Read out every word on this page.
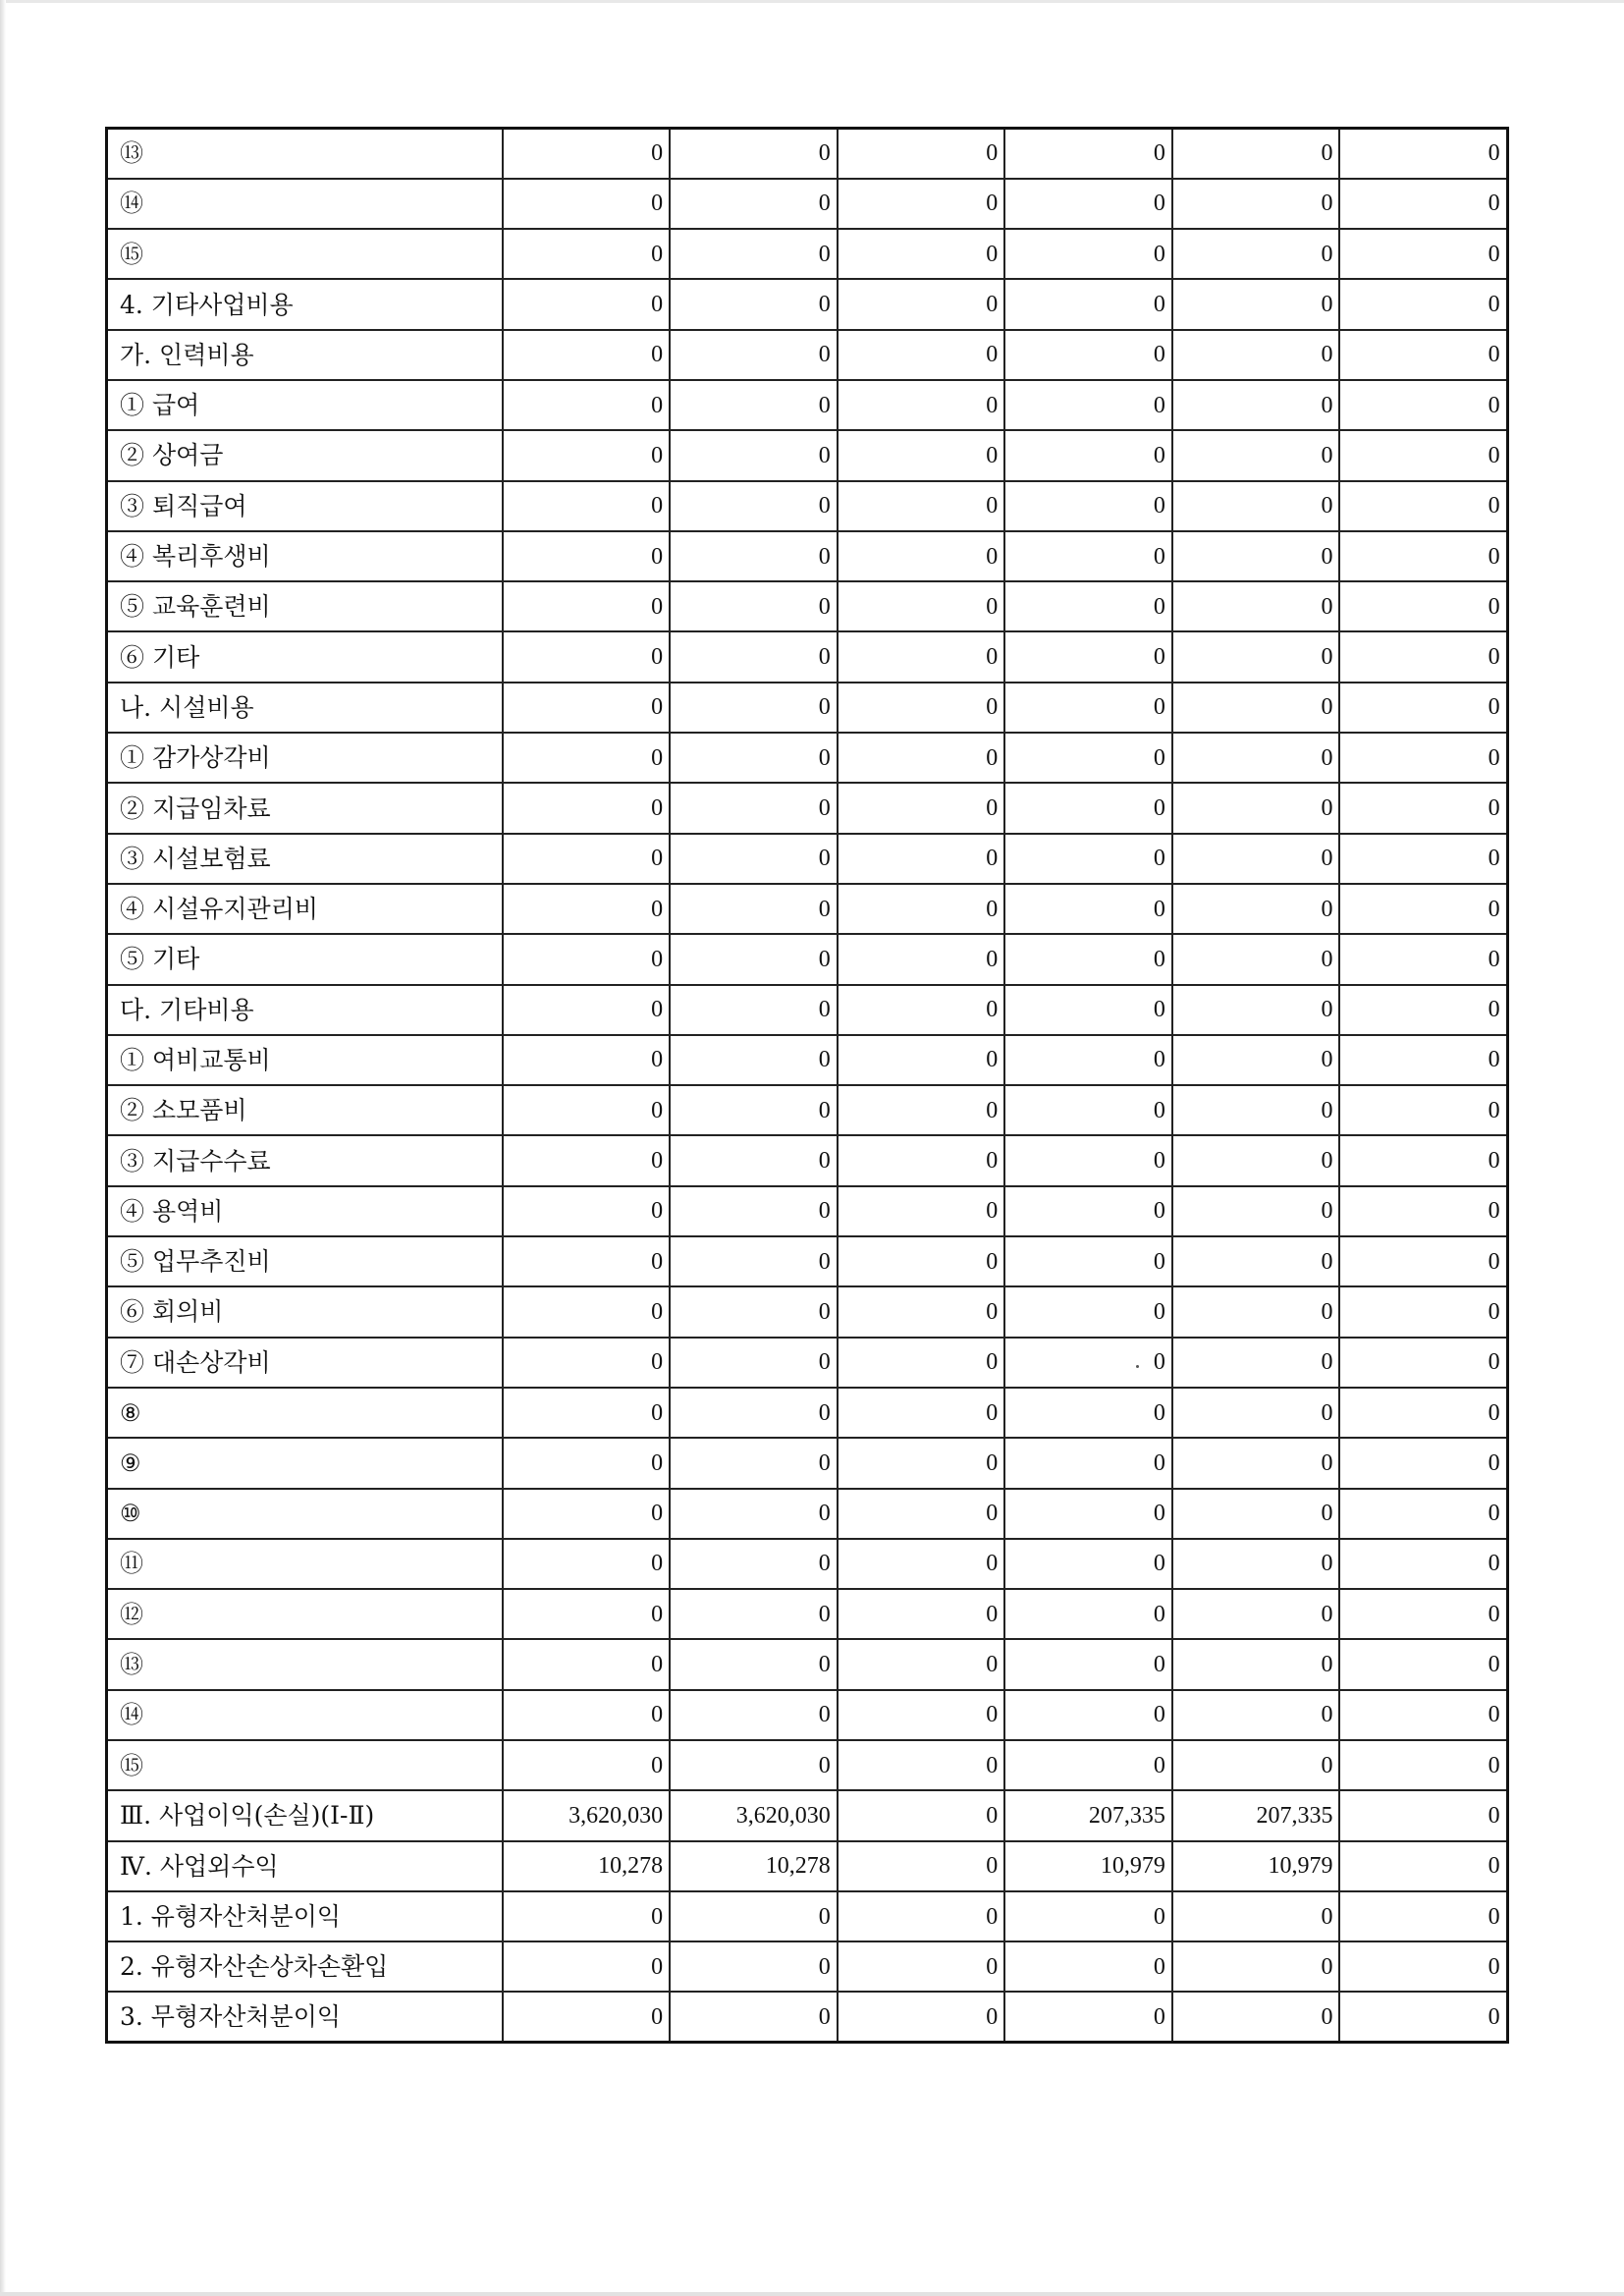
⑬	0	0	0	0	0	0
⑭	0	0	0	0	0	0
⑮	0	0	0	0	0	0
4. 기타사업비용	0	0	0	0	0	0
가. 인력비용	0	0	0	0	0	0
① 급여	0	0	0	0	0	0
② 상여금	0	0	0	0	0	0
③ 퇴직급여	0	0	0	0	0	0
④ 복리후생비	0	0	0	0	0	0
⑤ 교육훈련비	0	0	0	0	0	0
⑥ 기타	0	0	0	0	0	0
나. 시설비용	0	0	0	0	0	0
① 감가상각비	0	0	0	0	0	0
② 지급임차료	0	0	0	0	0	0
③ 시설보험료	0	0	0	0	0	0
④ 시설유지관리비	0	0	0	0	0	0
⑤ 기타	0	0	0	0	0	0
다. 기타비용	0	0	0	0	0	0
① 여비교통비	0	0	0	0	0	0
② 소모품비	0	0	0	0	0	0
③ 지급수수료	0	0	0	0	0	0
④ 용역비	0	0	0	0	0	0
⑤ 업무추진비	0	0	0	0	0	0
⑥ 회의비	0	0	0	0	0	0
⑦ 대손상각비	0	0	0	0	0	0
⑧	0	0	0	0	0	0
⑨	0	0	0	0	0	0
⑩	0	0	0	0	0	0
⑪	0	0	0	0	0	0
⑫	0	0	0	0	0	0
⑬	0	0	0	0	0	0
⑭	0	0	0	0	0	0
⑮	0	0	0	0	0	0
Ⅲ. 사업이익(손실)(Ⅰ-Ⅱ)	3,620,030	3,620,030	0	207,335	207,335	0
Ⅳ. 사업외수익	10,278	10,278	0	10,979	10,979	0
1. 유형자산처분이익	0	0	0	0	0	0
2. 유형자산손상차손환입	0	0	0	0	0	0
3. 무형자산처분이익	0	0	0	0	0	0
